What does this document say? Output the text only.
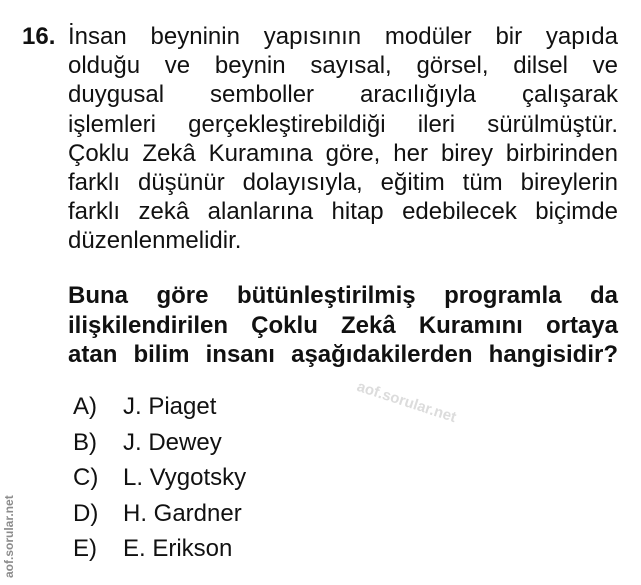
16. İnsan beyninin yapısının modüler bir yapıda
olduğu ve beynin sayısal, görsel, dilsel ve
duygusal semboller aracılığıyla çalışarak
işlemleri gerçekleştirebildiği ileri sürülmüştür.
Çoklu Zekâ Kuramına göre, her birey birbirinden
farklı düşünür dolayısıyla, eğitim tüm bireylerin
farklı zekâ alanlarına hitap edebilecek biçimde
düzenlenmelidir.
Buna göre bütünleştirilmiş programla da
ilişkilendirilen Çoklu Zekâ Kuramını ortaya
atan bilim insanı aşağıdakilerden hangisidir?
A) J. Piaget
B) J. Dewey
C) L. Vygotsky
D) H. Gardner
E) E. Erikson
aof.sorular.net
aof.sorular.net
